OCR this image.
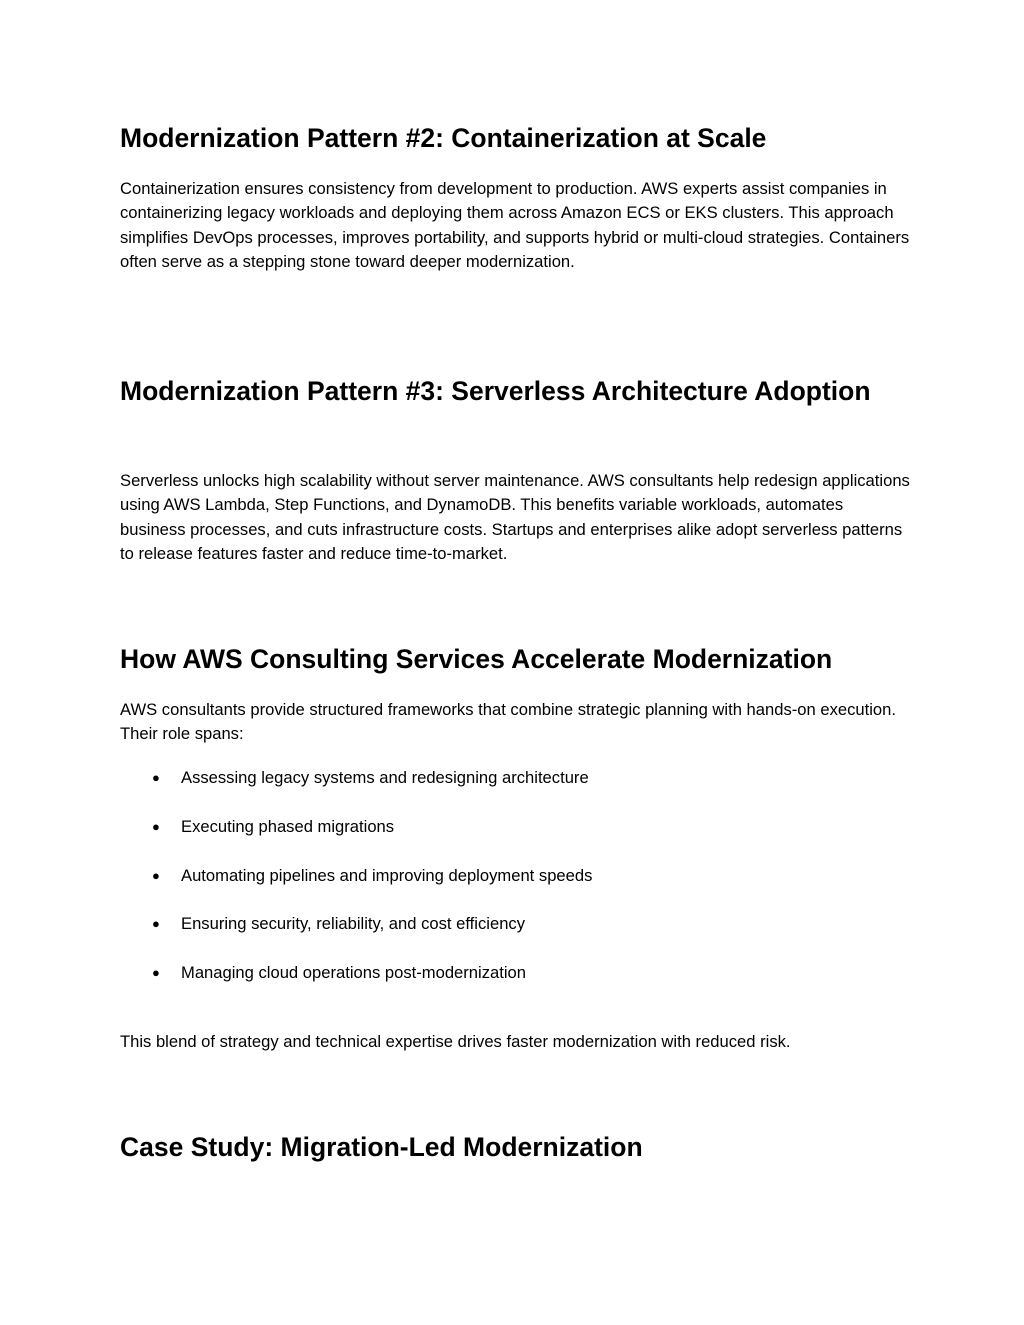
Modernization Pattern #2: Containerization at Scale

Containerization ensures consistency from development to production. AWS experts assist companies in containerizing legacy workloads and deploying them across Amazon ECS or EKS clusters. This approach simplifies DevOps processes, improves portability, and supports hybrid or multi-cloud strategies. Containers often serve as a stepping stone toward deeper modernization.

Modernization Pattern #3: Serverless Architecture Adoption

Serverless unlocks high scalability without server maintenance. AWS consultants help redesign applications using AWS Lambda, Step Functions, and DynamoDB. This benefits variable workloads, automates business processes, and cuts infrastructure costs. Startups and enterprises alike adopt serverless patterns to release features faster and reduce time-to-market.

How AWS Consulting Services Accelerate Modernization

AWS consultants provide structured frameworks that combine strategic planning with hands-on execution. Their role spans:

● Assessing legacy systems and redesigning architecture
● Executing phased migrations
● Automating pipelines and improving deployment speeds
● Ensuring security, reliability, and cost efficiency
● Managing cloud operations post-modernization

This blend of strategy and technical expertise drives faster modernization with reduced risk.

Case Study: Migration-Led Modernization
